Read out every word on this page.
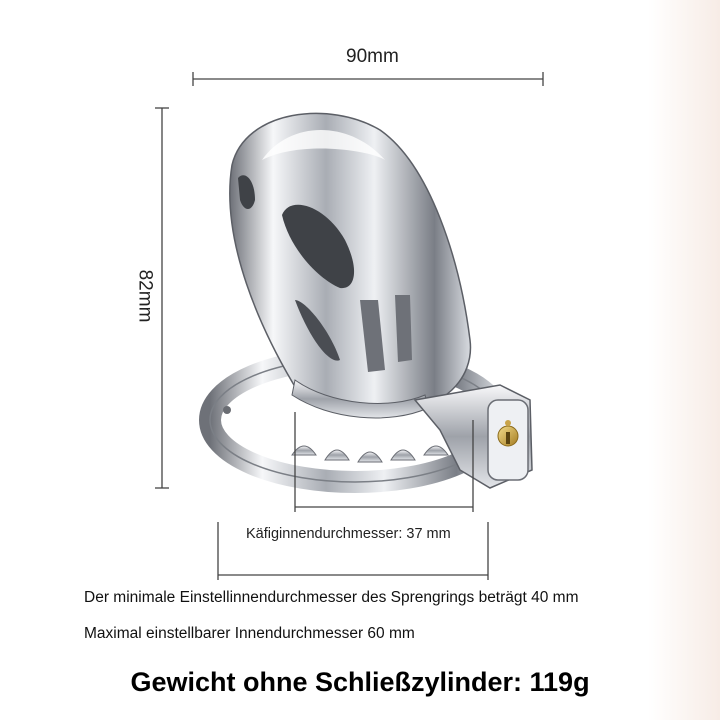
90mm
82mm
Käfiginnendurchmesser: 37 mm
Der minimale Einstellinnendurchmesser des Sprengrings beträgt 40 mm
Maximal einstellbarer Innendurchmesser 60 mm
Gewicht ohne Schließzylinder: 119g
